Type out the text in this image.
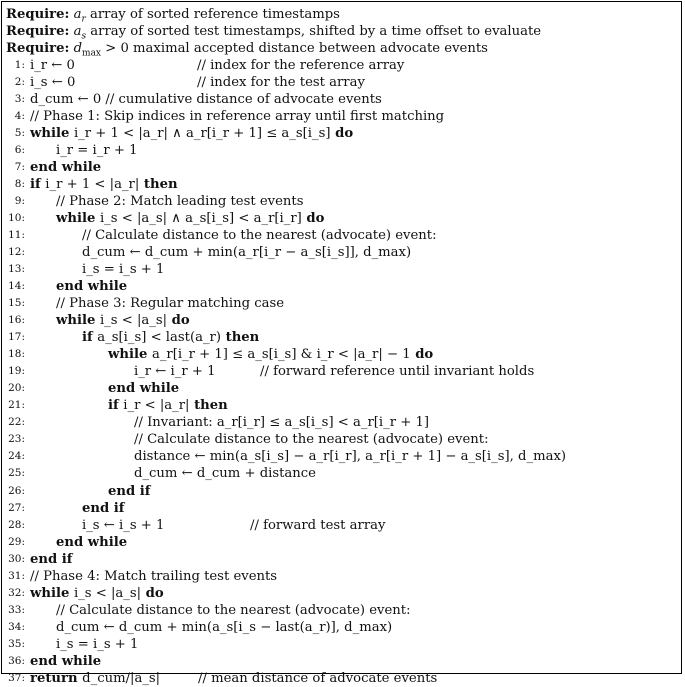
Require: $a_r$ array of sorted reference timestamps
Require: $a_s$ array of sorted test timestamps, shifted by a time offset to evaluate
Require: $d_{max} > 0$ maximal accepted distance between advocate events
1: i_r ← 0	// index for the reference array
2: i_s ← 0	// index for the test array
3: d_cum ← 0 // cumulative distance of advocate events
4: // Phase 1: Skip indices in reference array until first matching
5: while i_r + 1 < |a_r| ∧ a_r[i_r + 1] ≤ a_s[i_s] do
6: i_r = i_r + 1
7: end while
8: if i_r + 1 < |a_r| then
9: // Phase 2: Match leading test events
10: while i_s < |a_s| ∧ a_s[i_s] < a_r[i_r] do
11:	// Calculate distance to the nearest (advocate) event:
12:	d_cum ← d_cum + min(a_r[i_r − a_s[i_s]], d_max)
13:	i_s = i_s + 1
14: end while
15: // Phase 3: Regular matching case
16: while i_s < |a_s| do
17:	if a_s[i_s] < last(a_r) then
18:	while a_r[i_r + 1] ≤ a_s[i_s] & i_r < |a_r| − 1 do
19:	i_r ← i_r + 1	// forward reference until invariant holds
20:	end while
21:	if i_r < |a_r| then
22:	// Invariant: a_r[i_r] ≤ a_s[i_s] < a_r[i_r + 1]
23:	// Calculate distance to the nearest (advocate) event:
24:	distance ← min(a_s[i_s] − a_r[i_r], a_r[i_r + 1] − a_s[i_s], d_max)
25:	d_cum ← d_cum + distance
26:	end if
27:	end if
28:	i_s ← i_s + 1	// forward test array
29: end while
30: end if
31: // Phase 4: Match trailing test events
32: while i_s < |a_s| do
33: // Calculate distance to the nearest (advocate) event:
34: d_cum ← d_cum + min(a_s[i_s − last(a_r)], d_max)
35: i_s = i_s + 1
36: end while
37: return d_cum/|a_s|	// mean distance of advocate events
